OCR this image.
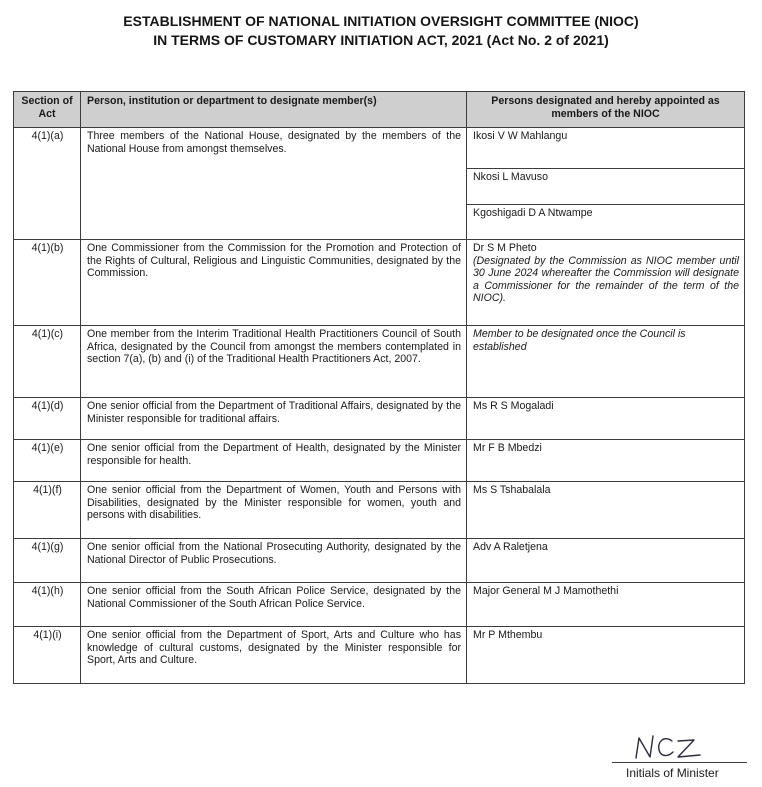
ESTABLISHMENT OF NATIONAL INITIATION OVERSIGHT COMMITTEE (NIOC)
IN TERMS OF CUSTOMARY INITIATION ACT, 2021 (Act No. 2 of 2021)
Section of Act	Person, institution or department to designate member(s)	Persons designated and hereby appointed as members of the NIOC
4(1)(a)	Three members of the National House, designated by the members of the National House from amongst themselves.	Ikosi V W Mahlangu
		Nkosi L Mavuso
		Kgoshigadi D A Ntwampe
4(1)(b)	One Commissioner from the Commission for the Promotion and Protection of the Rights of Cultural, Religious and Linguistic Communities, designated by the Commission.	Dr S M Pheto
(Designated by the Commission as NIOC member until 30 June 2024 whereafter the Commission will designate a Commissioner for the remainder of the term of the NIOC).

4(1)(c)	One member from the Interim Traditional Health Practitioners Council of South Africa, designated by the Council from amongst the members contemplated in section 7(a), (b) and (i) of the Traditional Health Practitioners Act, 2007.	Member to be designated once the Council is established
4(1)(d)	One senior official from the Department of Traditional Affairs, designated by the Minister responsible for traditional affairs.	Ms R S Mogaladi
4(1)(e)	One senior official from the Department of Health, designated by the Minister responsible for health.	Mr F B Mbedzi
4(1)(f)	One senior official from the Department of Women, Youth and Persons with Disabilities, designated by the Minister responsible for women, youth and persons with disabilities.	Ms S Tshabalala
4(1)(g)	One senior official from the National Prosecuting Authority, designated by the National Director of Public Prosecutions.	Adv A Raletjena
4(1)(h)	One senior official from the South African Police Service, designated by the National Commissioner of the South African Police Service.	Major General M J Mamothethi
4(1)(i)	One senior official from the Department of Sport, Arts and Culture who has knowledge of cultural customs, designated by the Minister responsible for Sport, Arts and Culture.	Mr P Mthembu
Initials of Minister
